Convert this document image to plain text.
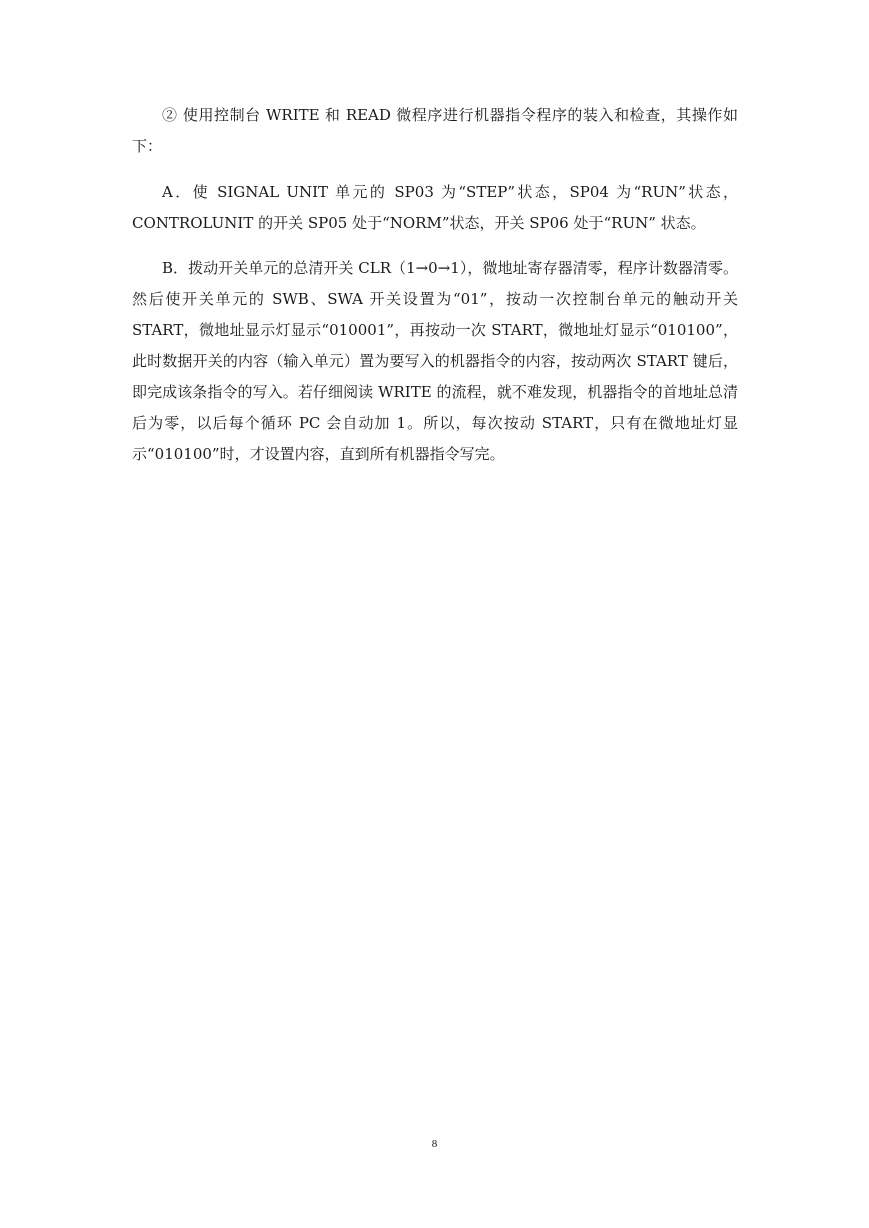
② 使用控制台 WRITE 和 READ 微程序进行机器指令程序的装入和检查，其操作如下：

A．使 SIGNAL UNIT 单元的 SP03 为“STEP”状态，SP04 为“RUN”状态，CONTROLUNIT 的开关 SP05 处于“NORM”状态，开关 SP06 处于“RUN” 状态。

B．拨动开关单元的总清开关 CLR（1→0→1），微地址寄存器清零，程序计数器清零。然后使开关单元的 SWB、SWA 开关设置为“01”，按动一次控制台单元的触动开关 START，微地址显示灯显示“010001”，再按动一次 START，微地址灯显示“010100”，此时数据开关的内容（输入单元）置为要写入的机器指令的内容，按动两次 START 键后，即完成该条指令的写入。若仔细阅读 WRITE 的流程，就不难发现，机器指令的首地址总清后为零，以后每个循环 PC 会自动加 1。所以，每次按动 START，只有在微地址灯显示“010100”时，才设置内容，直到所有机器指令写完。

8
